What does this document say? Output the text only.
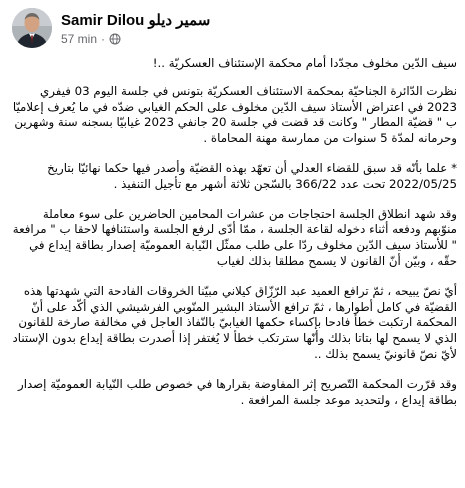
Samir Dilou سمير ديلو
57 min ·

سيف الدّين مخلوف مجدّدا أمام محكمة الإستئناف العسكريّة ..!

نظرت الدّائرة الجناحيّة بمحكمة الاستئناف العسكريّة بتونس في جلسة اليوم 03 فيفري 2023 في اعتراض الأستاذ سيف الدّين مخلوف على الحكم الغيابي ضدّه في ما يُعرف إعلاميّا ب " قضيّة المطار " وكانت قد قضت في جلسة 20 جانفي 2023 غيابيّا بسجنه سنة وشهرين وحرمانه لمدّة 5 سنوات من ممارسة مهنة المحاماة .

* علما بأنّه قد سبق للقضاء العدلي أن تعهّد بهذه القضيّة وأصدر فيها حكما نهائيّا بتاريخ 2022/05/25 تحت عدد 366/22 بالسّجن ثلاثة أشهر مع تأجيل التنفيذ .

وقد شهد انطلاق الجلسة احتجاجات من عشرات المحامين الحاضرين على سوء معاملة منوّبهم ودفعه أثناء دخوله لقاعة الجلسة ، ممّا أدّى لرفع الجلسة واستئنافها لاحقا ب " مرافعة " للأستاذ سيف الدّين مخلوف ردّا على طلب ممثّل النّيابة العموميّة إصدار بطاقة إيداع في حقّه ، وبيّن أنّ القانون لا يسمح مطلقا بذلك لغياب

أيّ نصّ يبيحه ، ثمّ ترافع العميد عبد الرّزّاق كيلاني مبيّنا الخروقات الفادحة التي شهدتها هذه القضيّة في كامل أطوارها ، ثمّ ترافع الأستاذ البشير المنّوبي الفرشيشي الذي أكّد على أنّ المحكمة ارتكبت خطأ فادحا بإكساء حكمها الغيابيّ بالنّفاذ العاجل في مخالفة صارخة للقانون الذي لا يسمح لها بتاتا بذلك وأنّها سترتكب خطأ لا يُغتفر إذا أصدرت بطاقة إيداع بدون الإستناد لأيّ نصّ قانونيّ يسمح بذلك ..

وقد قرّرت المحكمة التّصريح إثر المفاوضة بقرارها في خصوص طلب النّيابة العموميّة إصدار بطاقة إيداع ، ولتحديد موعد جلسة المرافعة .
